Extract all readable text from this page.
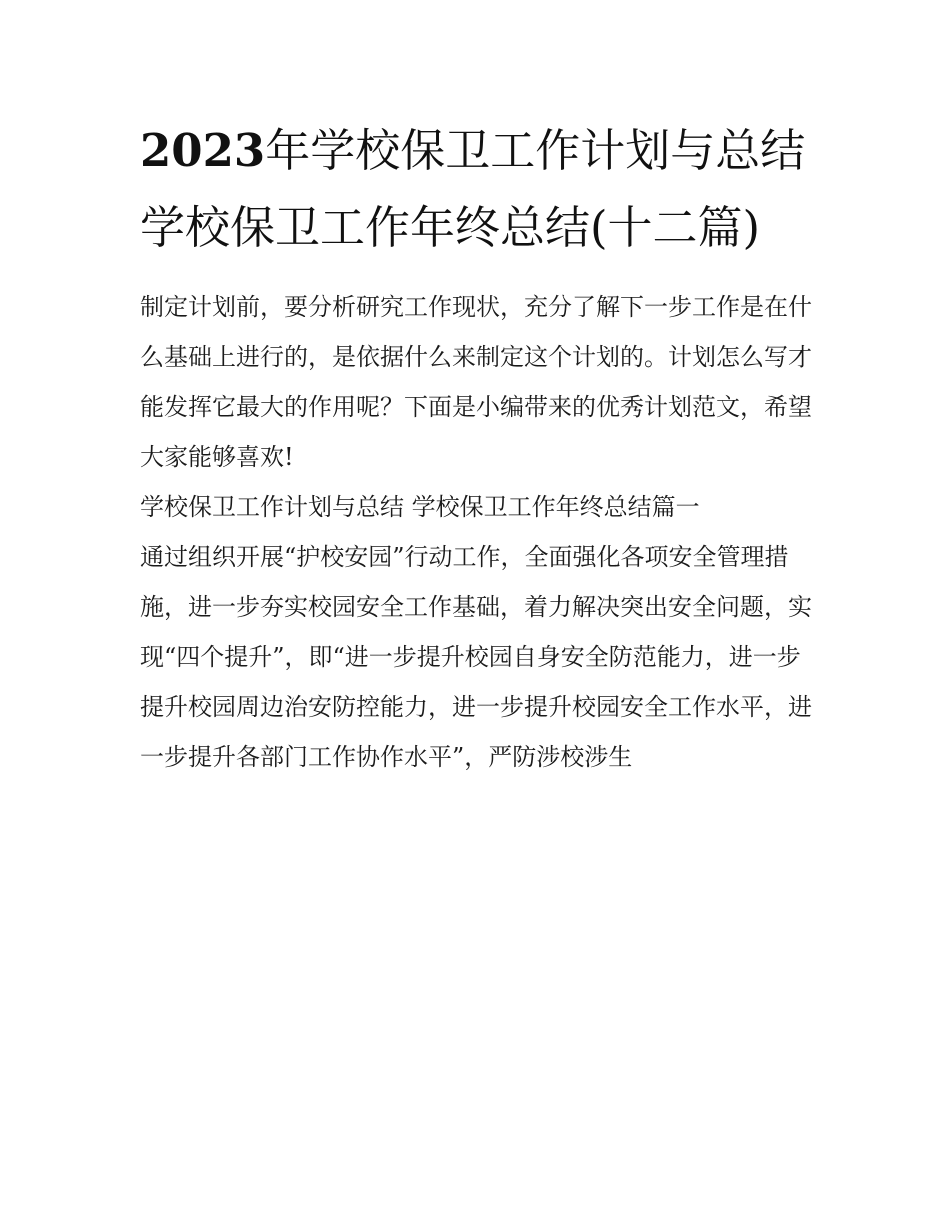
2023年学校保卫工作计划与总结 学校保卫工作年终总结(十二篇)

制定计划前，要分析研究工作现状，充分了解下一步工作是在什么基础上进行的，是依据什么来制定这个计划的。计划怎么写才能发挥它最大的作用呢？下面是小编带来的优秀计划范文，希望大家能够喜欢!

学校保卫工作计划与总结 学校保卫工作年终总结篇一

通过组织开展“护校安园”行动工作，全面强化各项安全管理措施，进一步夯实校园安全工作基础，着力解决突出安全问题，实现“四个提升”，即“进一步提升校园自身安全防范能力，进一步提升校园周边治安防控能力，进一步提升校园安全工作水平，进一步提升各部门工作协作水平”，严防涉校涉生
